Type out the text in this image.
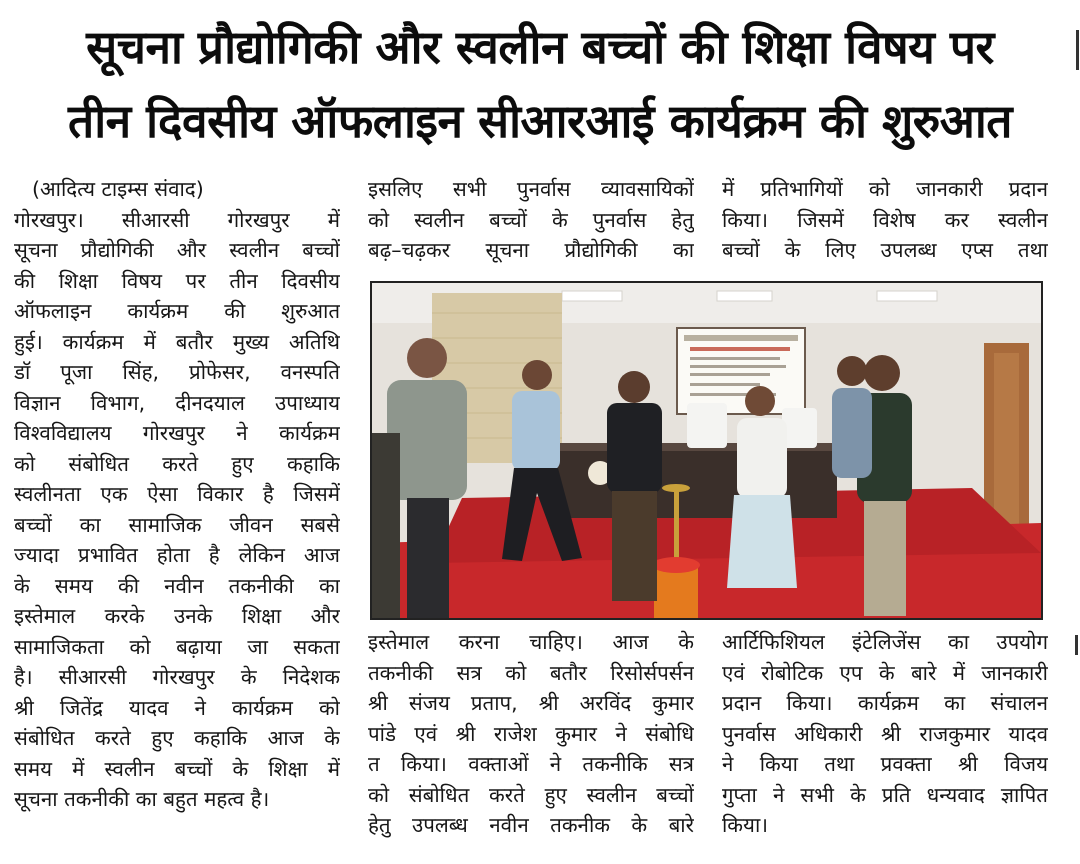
सूचना प्रौद्योगिकी और स्वलीन बच्चों की शिक्षा विषय पर
तीन दिवसीय ऑफलाइन सीआरआई कार्यक्रम की शुरुआत
(आदित्य टाइम्स संवाद)
गोरखपुर। सीआरसी गोरखपुर में
सूचना प्रौद्योगिकी और स्वलीन बच्चों
की शिक्षा विषय पर तीन दिवसीय
ऑफलाइन कार्यक्रम की शुरुआत
हुई। कार्यक्रम में बतौर मुख्य अतिथि
डॉ पूजा सिंह, प्रोफेसर, वनस्पति
विज्ञान विभाग, दीनदयाल उपाध्याय
विश्वविद्यालय गोरखपुर ने कार्यक्रम
को संबोधित करते हुए कहाकि
स्वलीनता एक ऐसा विकार है जिसमें
बच्चों का सामाजिक जीवन सबसे
ज्यादा प्रभावित होता है लेकिन आज
के समय की नवीन तकनीकी का
इस्तेमाल करके उनके शिक्षा और
सामाजिकता को बढ़ाया जा सकता
है। सीआरसी गोरखपुर के निदेशक
श्री जितेंद्र यादव ने कार्यक्रम को
संबोधित करते हुए कहाकि आज के
समय में स्वलीन बच्चों के शिक्षा में
सूचना तकनीकी का बहुत महत्व है।
इसलिए सभी पुनर्वास व्यावसायिकों
को स्वलीन बच्चों के पुनर्वास हेतु
बढ़–चढ़कर सूचना प्रौद्योगिकी का
में प्रतिभागियों को जानकारी प्रदान
किया। जिसमें विशेष कर स्वलीन
बच्चों के लिए उपलब्ध एप्स तथा
इस्तेमाल करना चाहिए। आज के
तकनीकी सत्र को बतौर रिसोर्सपर्सन
श्री संजय प्रताप, श्री अरविंद कुमार
पांडे एवं श्री राजेश कुमार ने संबोधि
त किया। वक्ताओं ने तकनीकि सत्र
को संबोधित करते हुए स्वलीन बच्चों
हेतु उपलब्ध नवीन तकनीक के बारे
आर्टिफिशियल इंटेलिजेंस का उपयोग
एवं रोबोटिक एप के बारे में जानकारी
प्रदान किया। कार्यक्रम का संचालन
पुनर्वास अधिकारी श्री राजकुमार यादव
ने किया तथा प्रवक्ता श्री विजय
गुप्ता ने सभी के प्रति धन्यवाद ज्ञापित
किया।
